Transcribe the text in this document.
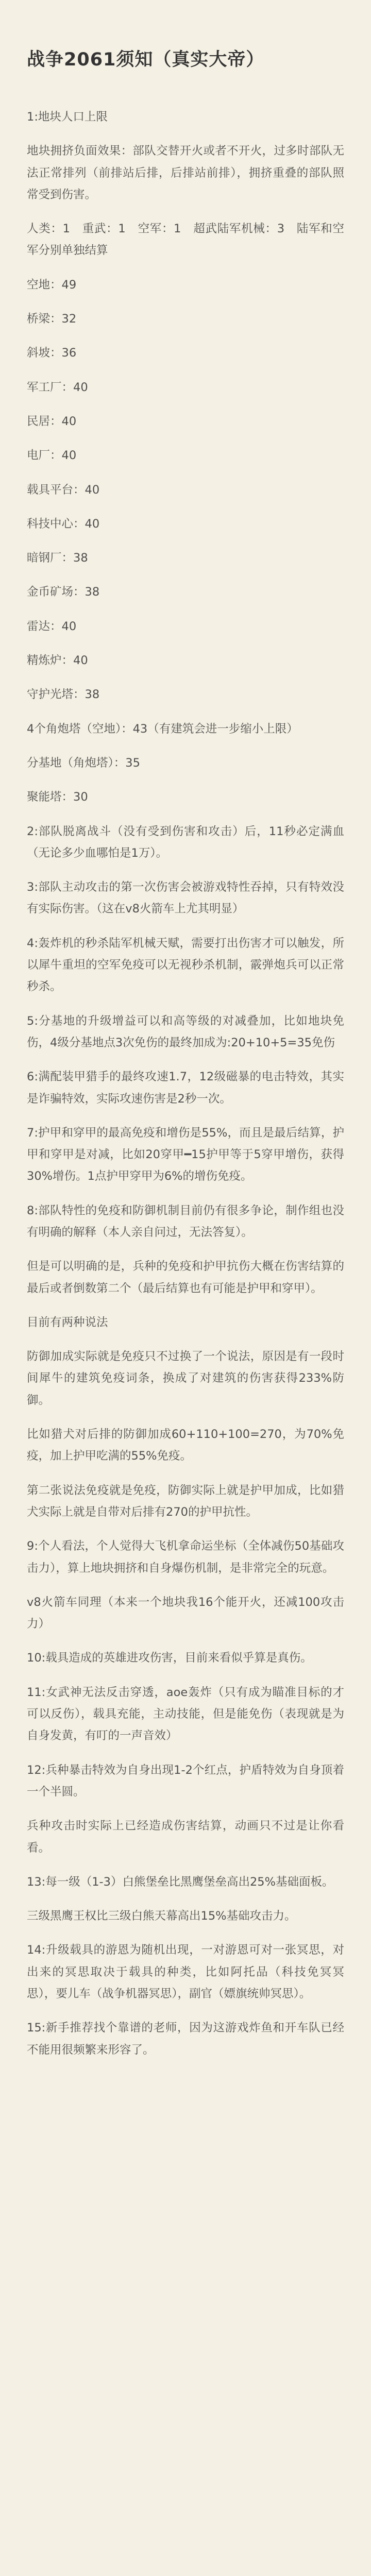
战争2061须知（真实大帝）

1:地块人口上限

地块拥挤负面效果：部队交替开火或者不开火，过多时部队无法正常排列（前排站后排，后排站前排），拥挤重叠的部队照常受到伤害。

人类：1　重武：1　空军：1　超武陆军机械：3　陆军和空军分别单独结算

空地：49

桥梁：32

斜坡：36

军工厂：40

民居：40

电厂：40

载具平台：40

科技中心：40

暗钢厂：38

金币矿场：38

雷达：40

精炼炉：40

守护光塔：38

4个角炮塔（空地）：43（有建筑会进一步缩小上限）

分基地（角炮塔）：35

聚能塔：30

2:部队脱离战斗（没有受到伤害和攻击）后，11秒必定满血（无论多少血哪怕是1万）。

3:部队主动攻击的第一次伤害会被游戏特性吞掉，只有特效没有实际伤害。（这在v8火箭车上尤其明显）

4:轰炸机的秒杀陆军机械天赋，需要打出伤害才可以触发，所以犀牛重坦的空军免疫可以无视秒杀机制，霰弹炮兵可以正常秒杀。

5:分基地的升级增益可以和高等级的对减叠加，比如地块免伤，4级分基地点3次免伤的最终加成为:20+10+5=35免伤

6:满配装甲猎手的最终攻速1.7，12级磁暴的电击特效，其实是诈骗特效，实际攻速伤害是2秒一次。

7:护甲和穿甲的最高免疫和增伤是55%，而且是最后结算，护甲和穿甲是对减，比如20穿甲━15护甲等于5穿甲增伤，获得30%增伤。1点护甲穿甲为6%的增伤免疫。

8:部队特性的免疫和防御机制目前仍有很多争论，制作组也没有明确的解释（本人亲自问过，无法答复）。

但是可以明确的是，兵种的免疫和护甲抗伤大概在伤害结算的最后或者倒数第二个（最后结算也有可能是护甲和穿甲）。

目前有两种说法

防御加成实际就是免疫只不过换了一个说法，原因是有一段时间犀牛的建筑免疫词条，换成了对建筑的伤害获得233%防御。

比如猎犬对后排的防御加成60+110+100=270，为70%免疫，加上护甲吃满的55%免疫。

第二张说法免疫就是免疫，防御实际上就是护甲加成，比如猎犬实际上就是自带对后排有270的护甲抗性。

9:个人看法，个人觉得大飞机拿命运坐标（全体减伤50基础攻击力），算上地块拥挤和自身爆伤机制，是非常完全的玩意。

v8火箭车同理（本来一个地块我16个能开火，还减100攻击力）

10:载具造成的英雄进攻伤害，目前来看似乎算是真伤。

11:女武神无法反击穿透，aoe轰炸（只有成为瞄准目标的才可以反伤），载具充能，主动技能，但是能免伤（表现就是为自身发黄，有叮的一声音效）

12:兵种暴击特效为自身出现1-2个红点，护盾特效为自身顶着一个半圆。

兵种攻击时实际上已经造成伤害结算，动画只不过是让你看看。

13:每一级（1-3）白熊堡垒比黑鹰堡垒高出25%基础面板。

三级黑鹰王权比三级白熊天幕高出15%基础攻击力。

14:升级载具的游恩为随机出现，一对游恩可对一张冥思，对出来的冥思取决于载具的种类，比如阿托品（科技免冥冥思），要儿车（战争机器冥思），副官（嫖旗统帅冥思）。

15:新手推荐找个靠谱的老师，因为这游戏炸鱼和开车队已经不能用很频繁来形容了。
